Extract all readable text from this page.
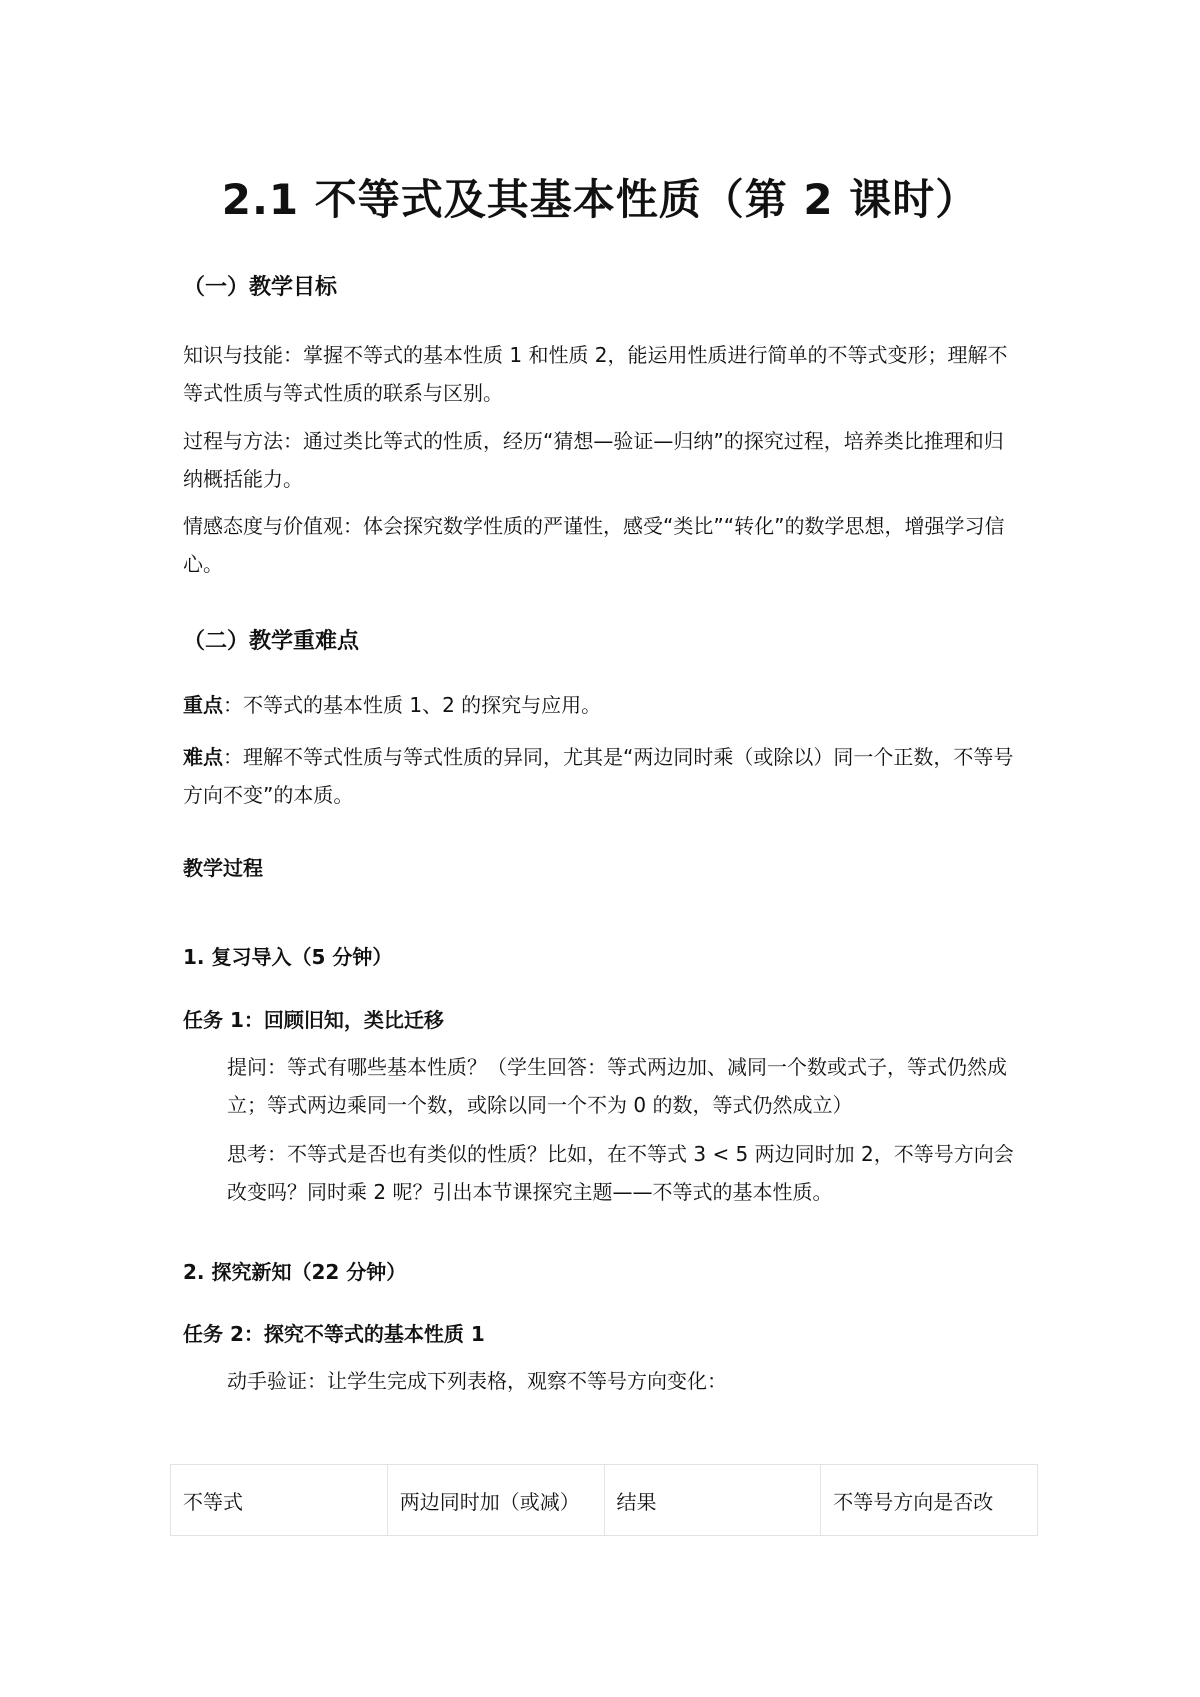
2.1 不等式及其基本性质（第 2 课时）
（一）教学目标
知识与技能：掌握不等式的基本性质 1 和性质 2，能运用性质进行简单的不等式变形；理解不等式性质与等式性质的联系与区别。
过程与方法：通过类比等式的性质，经历“猜想—验证—归纳”的探究过程，培养类比推理和归纳概括能力。
情感态度与价值观：体会探究数学性质的严谨性，感受“类比”“转化”的数学思想，增强学习信心。
（二）教学重难点
重点：不等式的基本性质 1、2 的探究与应用。
难点：理解不等式性质与等式性质的异同，尤其是“两边同时乘（或除以）同一个正数，不等号方向不变”的本质。
教学过程
1. 复习导入（5 分钟）
任务 1：回顾旧知，类比迁移
提问：等式有哪些基本性质？（学生回答：等式两边加、减同一个数或式子，等式仍然成立；等式两边乘同一个数，或除以同一个不为 0 的数，等式仍然成立）
思考：不等式是否也有类似的性质？比如，在不等式 3 < 5 两边同时加 2，不等号方向会改变吗？同时乘 2 呢？引出本节课探究主题——不等式的基本性质。
2. 探究新知（22 分钟）
任务 2：探究不等式的基本性质 1
动手验证：让学生完成下列表格，观察不等号方向变化：
不等式	两边同时加（或减）	结果	不等号方向是否改
